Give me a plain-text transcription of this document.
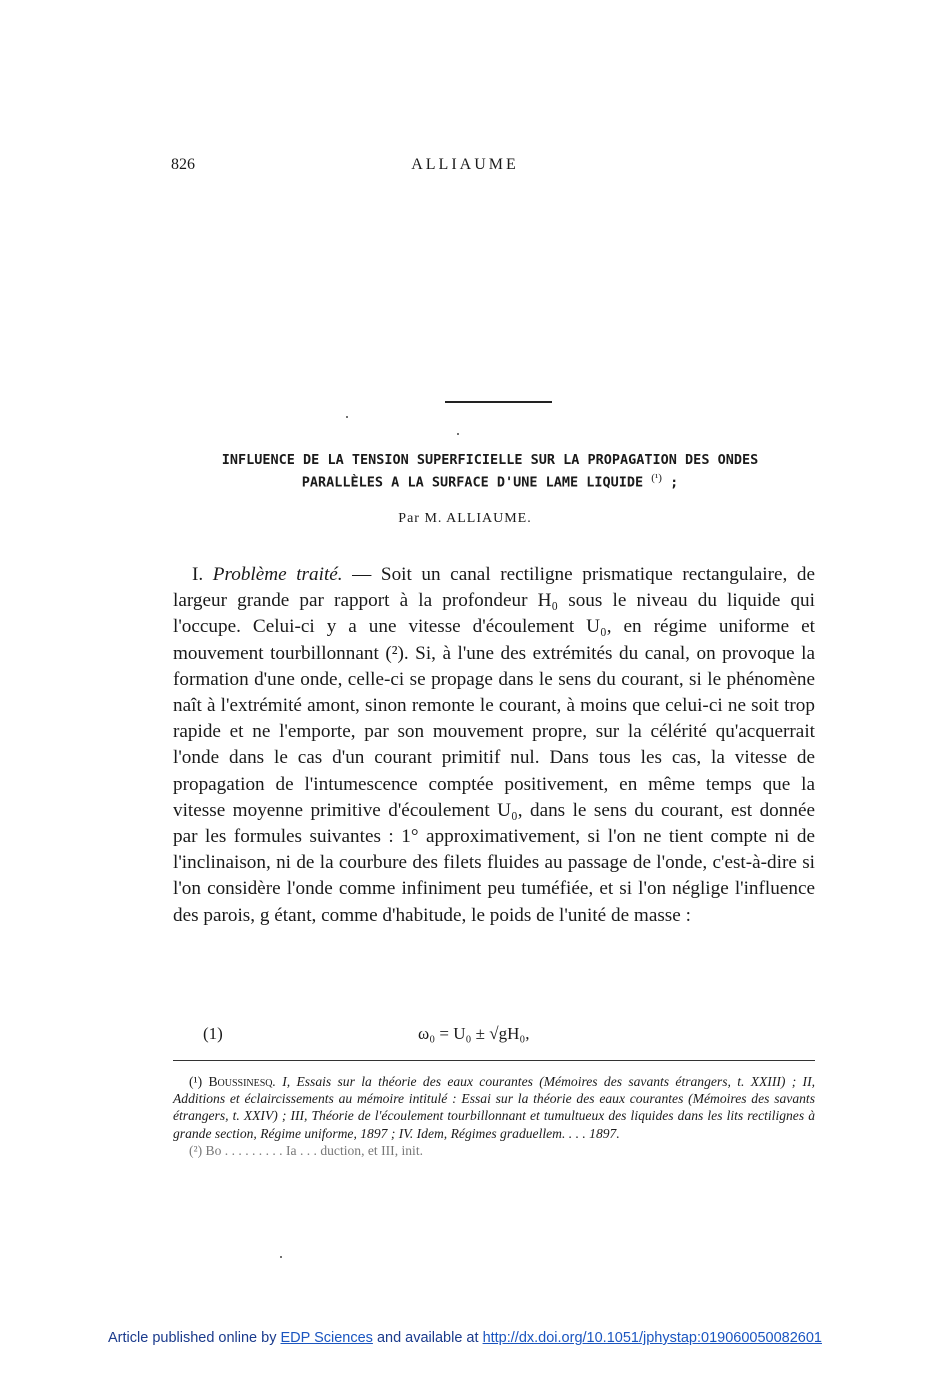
826	ALLIAUME
INFLUENCE DE LA TENSION SUPERFICIELLE SUR LA PROPAGATION DES ONDES
PARALLÈLES A LA SURFACE D'UNE LAME LIQUIDE $^{(^1)}$ ;
Par M. ALLIAUME.
I. Problème traité. — Soit un canal rectiligne prismatique rectangulaire, de largeur grande par rapport à la profondeur H₀ sous le niveau du liquide qui l'occupe. Celui-ci y a une vitesse d'écoulement U₀, en régime uniforme et mouvement tourbillonnant (²). Si, à l'une des extrémités du canal, on provoque la formation d'une onde, celle-ci se propage dans le sens du courant, si le phénomène naît à l'extrémité amont, sinon remonte le courant, à moins que celui-ci ne soit trop rapide et ne l'emporte, par son mouvement propre, sur la célérité qu'acquerrait l'onde dans le cas d'un courant primitif nul. Dans tous les cas, la vitesse de propagation de l'intumescence comptée positivement, en même temps que la vitesse moyenne primitive d'écoulement U₀, dans le sens du courant, est donnée par les formules suivantes : 1° approximativement, si l'on ne tient compte ni de l'inclinaison, ni de la courbure des filets fluides au passage de l'onde, c'est-à-dire si l'on considère l'onde comme infiniment peu tuméfiée, et si l'on néglige l'influence des parois, g étant, comme d'habitude, le poids de l'unité de masse :
(1)	ω₀ = U₀ ± √gH₀,

(¹) Boussinesq. I, Essais sur la théorie des eaux courantes (Mémoires des savants étrangers, t. XXIII) ; II, Additions et éclaircissements au mémoire intitulé : Essai sur la théorie des eaux courantes (Mémoires des savants étrangers, t. XXIV) ; III, Théorie de l'écoulement tourbillonnant et tumultueux des liquides dans les lits rectilignes à grande section, Régime uniforme, 1897 ; IV. Idem, Régimes graduellem. . . . 1897.

(²) Bo . . . . . . . . . Ia . . . duction, et III, init.

Article published online by EDP Sciences and available at http://dx.doi.org/10.1051/jphystap:019060050082601
